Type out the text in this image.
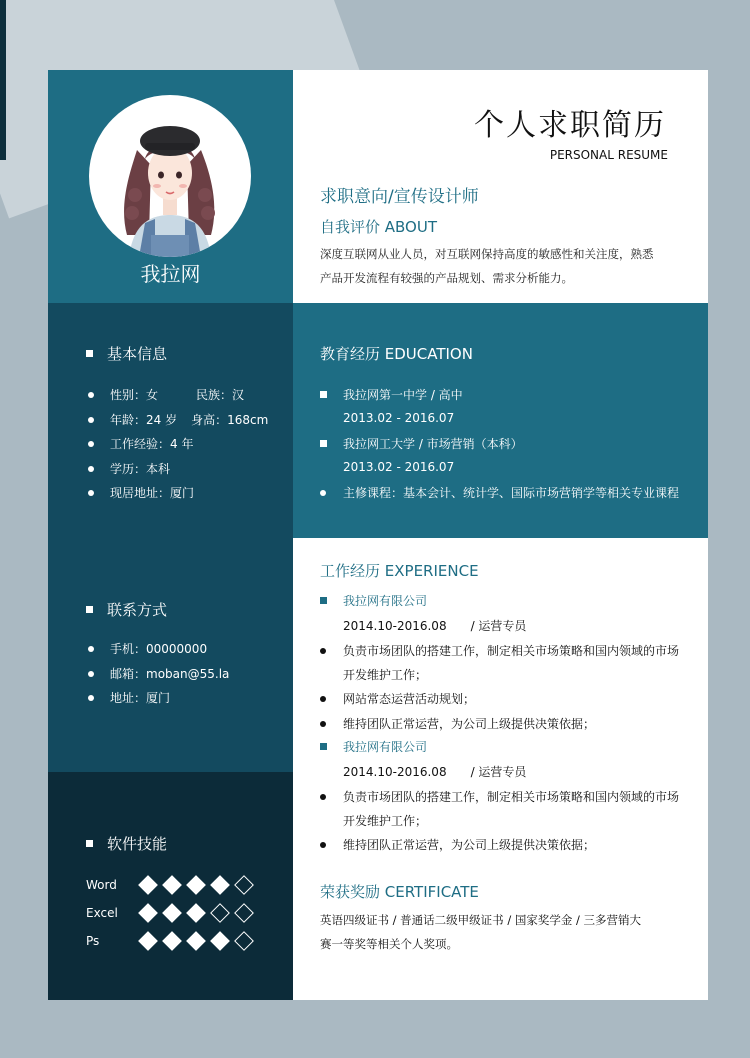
我拉网
基本信息
性别：女	民族：汉
年龄：24 岁 身高：168cm
工作经验：4 年
学历：本科
现居地址：厦门
联系方式
手机：00000000
邮箱：moban@55.la
地址：厦门
软件技能
Word
Excel
Ps
个人求职简历
PERSONAL RESUME
求职意向/宣传设计师
自我评价 ABOUT
深度互联网从业人员，对互联网保持高度的敏感性和关注度，熟悉
产品开发流程有较强的产品规划、需求分析能力。
教育经历 EDUCATION
我拉网第一中学 / 高中
2013.02 - 2016.07
我拉网工大学 / 市场营销（本科）
2013.02 - 2016.07
主修课程：基本会计、统计学、国际市场营销学等相关专业课程
工作经历 EXPERIENCE
我拉网有限公司
2014.10-2016.08 / 运营专员
负责市场团队的搭建工作，制定相关市场策略和国内领域的市场
开发维护工作；
网站常态运营活动规划；
维持团队正常运营，为公司上级提供决策依据；
我拉网有限公司
2014.10-2016.08 / 运营专员
负责市场团队的搭建工作，制定相关市场策略和国内领域的市场
开发维护工作；
维持团队正常运营，为公司上级提供决策依据；
荣获奖励 CERTIFICATE
英语四级证书 / 普通话二级甲级证书 / 国家奖学金 / 三多营销大
赛一等奖等相关个人奖项。
